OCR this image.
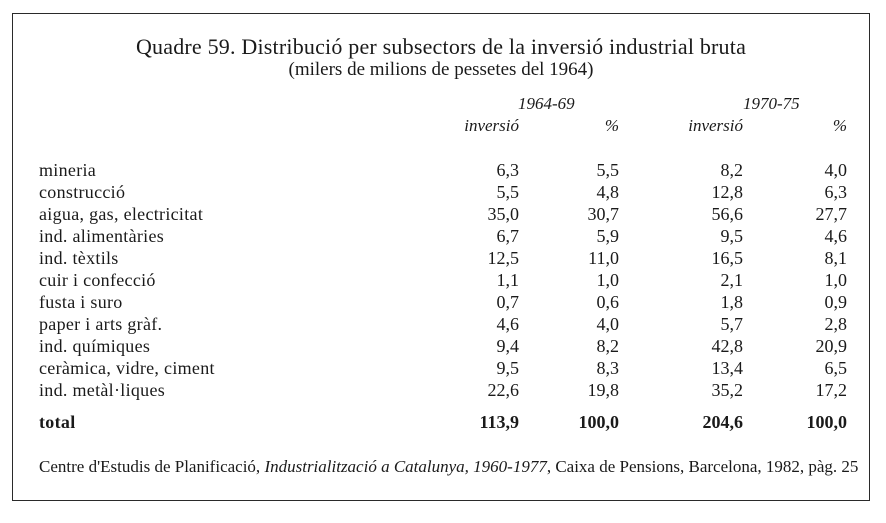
Quadre 59. Distribució per subsectors de la inversió industrial bruta
(milers de milions de pessetes del 1964)
1964-69	1970-75
inversió	%	inversió	%
mineria	6,3	5,5	8,2	4,0
construcció	5,5	4,8	12,8	6,3
aigua, gas, electricitat	35,0	30,7	56,6	27,7
ind. alimentàries	6,7	5,9	9,5	4,6
ind. tèxtils	12,5	11,0	16,5	8,1
cuir i confecció	1,1	1,0	2,1	1,0
fusta i suro	0,7	0,6	1,8	0,9
paper i arts gràf.	4,6	4,0	5,7	2,8
ind. químiques	9,4	8,2	42,8	20,9
ceràmica, vidre, ciment	9,5	8,3	13,4	6,5
ind. metàl·liques	22,6	19,8	35,2	17,2
total	113,9	100,0	204,6	100,0
Centre d'Estudis de Planificació, Industrialització a Catalunya, 1960-1977, Caixa de Pensions, Barcelona, 1982, pàg. 25
